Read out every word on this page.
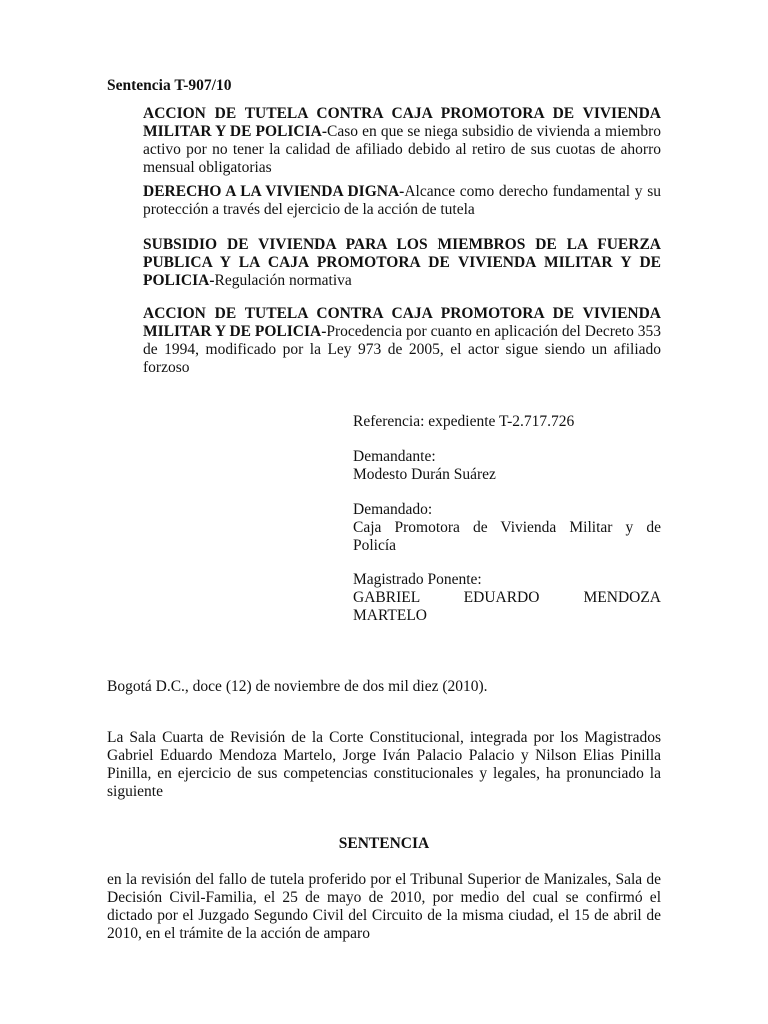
Sentencia T-907/10

ACCION DE TUTELA CONTRA CAJA PROMOTORA DE VIVIENDA MILITAR Y DE POLICIA-Caso en que se niega subsidio de vivienda a miembro activo por no tener la calidad de afiliado debido al retiro de sus cuotas de ahorro mensual obligatorias

DERECHO A LA VIVIENDA DIGNA-Alcance como derecho fundamental y su protección a través del ejercicio de la acción de tutela

SUBSIDIO DE VIVIENDA PARA LOS MIEMBROS DE LA FUERZA PUBLICA Y LA CAJA PROMOTORA DE VIVIENDA MILITAR Y DE POLICIA-Regulación normativa

ACCION DE TUTELA CONTRA CAJA PROMOTORA DE VIVIENDA MILITAR Y DE POLICIA-Procedencia por cuanto en aplicación del Decreto 353 de 1994, modificado por la Ley 973 de 2005, el actor sigue siendo un afiliado forzoso

Referencia: expediente T-2.717.726
Demandante:
Modesto Durán Suárez
Demandado:
Caja Promotora de Vivienda Militar y de
Policía
Magistrado Ponente:
GABRIEL EDUARDO MENDOZA
MARTELO

Bogotá D.C., doce (12) de noviembre de dos mil diez (2010).

La Sala Cuarta de Revisión de la Corte Constitucional, integrada por los Magistrados Gabriel Eduardo Mendoza Martelo, Jorge Iván Palacio Palacio y Nilson Elias Pinilla Pinilla, en ejercicio de sus competencias constitucionales y legales, ha pronunciado la siguiente

SENTENCIA

en la revisión del fallo de tutela proferido por el Tribunal Superior de Manizales, Sala de Decisión Civil-Familia, el 25 de mayo de 2010, por medio del cual se confirmó el dictado por el Juzgado Segundo Civil del Circuito de la misma ciudad, el 15 de abril de 2010, en el trámite de la acción de amparo
